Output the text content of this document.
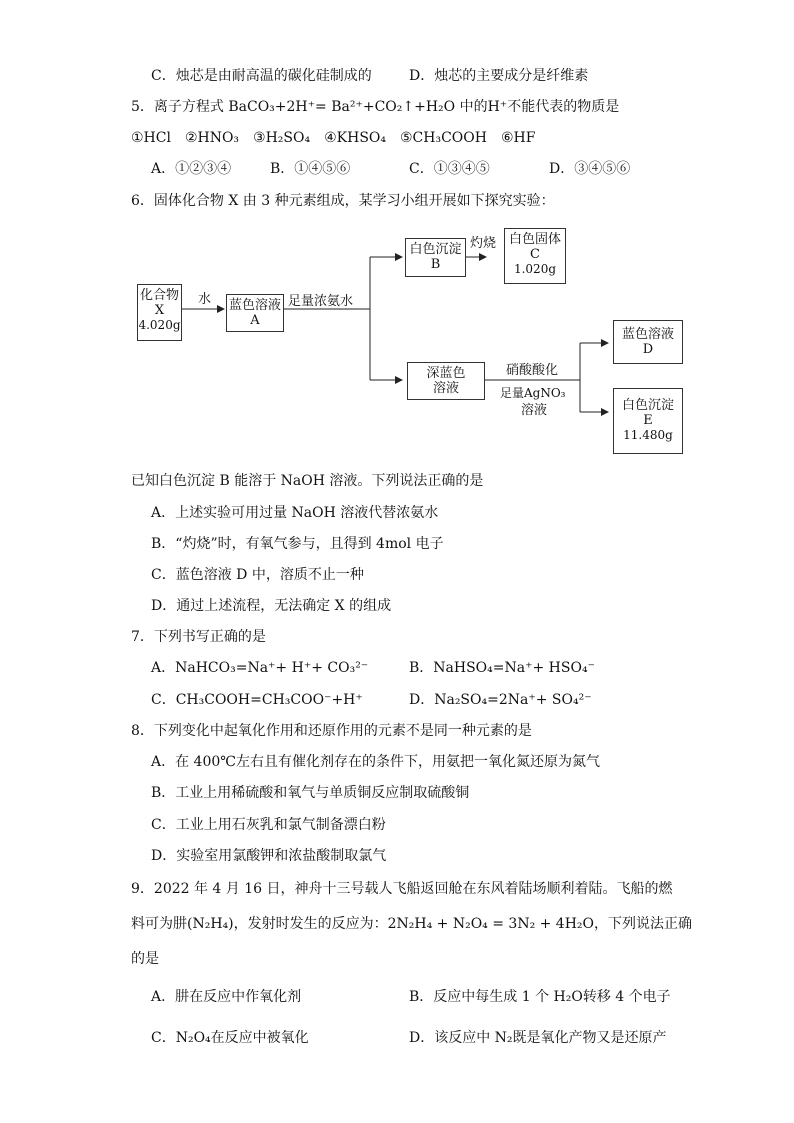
C．烛芯是由耐高温的碳化硅制成的	D．烛芯的主要成分是纤维素
5．离子方程式 BaCO₃+2H⁺= Ba²⁺+CO₂↑+H₂O 中的H⁺不能代表的物质是
①HCl　②HNO₃　③H₂SO₄　④KHSO₄　⑤CH₃COOH　⑥HF
A．①②③④	B．①④⑤⑥	C．①③④⑤	D．③④⑤⑥
6．固体化合物 X 由 3 种元素组成，某学习小组开展如下探究实验：
化合物
X
4.020g
水 蓝色溶液
A
足量浓氨水
白色沉淀
B
灼烧 白色固体
C
1.020g
深蓝色
溶液
硝酸酸化
足量AgNO₃
溶液
蓝色溶液
D
白色沉淀
E
11.480g
已知白色沉淀 B 能溶于 NaOH 溶液。下列说法正确的是
A．上述实验可用过量 NaOH 溶液代替浓氨水
B．“灼烧”时，有氧气参与，且得到 4mol 电子
C．蓝色溶液 D 中，溶质不止一种
D．通过上述流程，无法确定 X 的组成
7．下列书写正确的是
A．NaHCO₃=Na⁺+ H⁺+ CO₃²⁻	B．NaHSO₄=Na⁺+ HSO₄⁻
C．CH₃COOH=CH₃COO⁻+H⁺	D．Na₂SO₄=2Na⁺+ SO₄²⁻
8．下列变化中起氧化作用和还原作用的元素不是同一种元素的是
A．在 400℃左右且有催化剂存在的条件下，用氨把一氧化氮还原为氮气
B．工业上用稀硫酸和氧气与单质铜反应制取硫酸铜
C．工业上用石灰乳和氯气制备漂白粉
D．实验室用氯酸钾和浓盐酸制取氯气
9．2022 年 4 月 16 日，神舟十三号载人飞船返回舱在东风着陆场顺利着陆。飞船的燃
料可为肼(N₂H₄)，发射时发生的反应为：2N₂H₄ + N₂O₄ = 3N₂ + 4H₂O，下列说法正确
的是
A．肼在反应中作氧化剂	B．反应中每生成 1 个 H₂O转移 4 个电子
C．N₂O₄在反应中被氧化	D．该反应中 N₂既是氧化产物又是还原产
